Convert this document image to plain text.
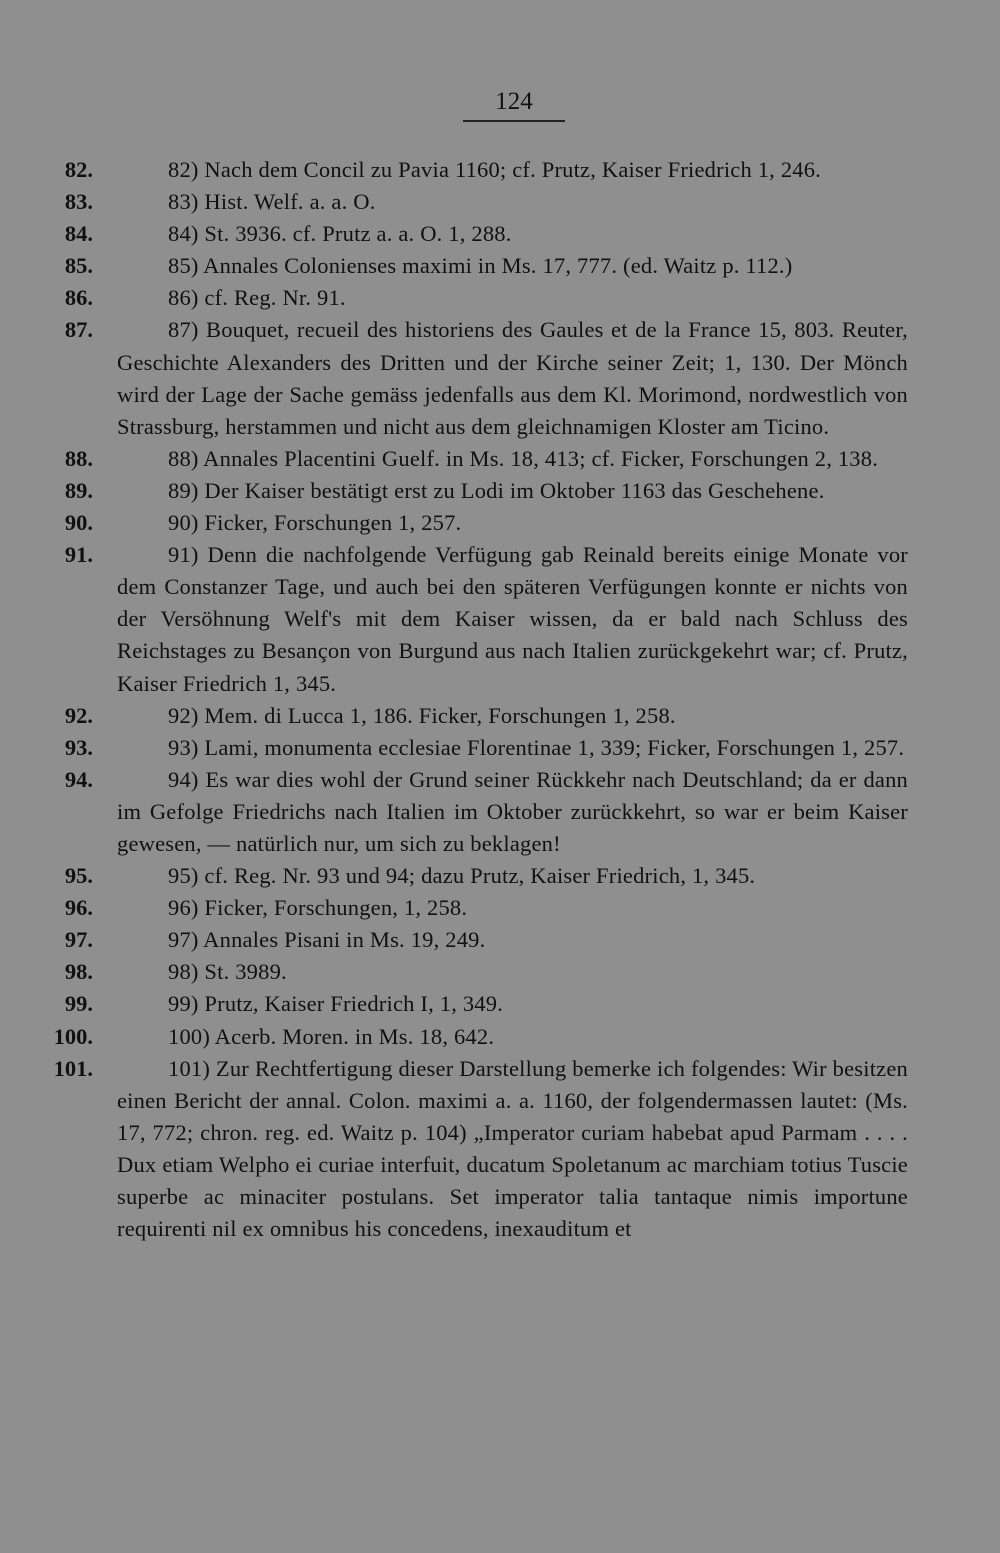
124
82.	82) Nach dem Concil zu Pavia 1160; cf. Prutz, Kaiser Friedrich 1, 246.
83.	83) Hist. Welf. a. a. O.
84.	84) St. 3936. cf. Prutz a. a. O. 1, 288.
85.	85) Annales Colonienses maximi in Ms. 17, 777. (ed. Waitz p. 112.)
86.	86) cf. Reg. Nr. 91.
87.	87) Bouquet, recueil des historiens des Gaules et de la France 15, 803. Reuter, Geschichte Alexanders des Dritten und der Kirche seiner Zeit; 1, 130. Der Mönch wird der Lage der Sache gemäss jedenfalls aus dem Kl. Morimond, nordwestlich von Strassburg, herstammen und nicht aus dem gleichnamigen Kloster am Ticino.
88.	88) Annales Placentini Guelf. in Ms. 18, 413; cf. Ficker, Forschungen 2, 138.
89.	89) Der Kaiser bestätigt erst zu Lodi im Oktober 1163 das Geschehene.
90.	90) Ficker, Forschungen 1, 257.
91.	91) Denn die nachfolgende Verfügung gab Reinald bereits einige Monate vor dem Constanzer Tage, und auch bei den späteren Verfügungen konnte er nichts von der Versöhnung Welf's mit dem Kaiser wissen, da er bald nach Schluss des Reichstages zu Besançon von Burgund aus nach Italien zurückgekehrt war; cf. Prutz, Kaiser Friedrich 1, 345.
92.	92) Mem. di Lucca 1, 186. Ficker, Forschungen 1, 258.
93.	93) Lami, monumenta ecclesiae Florentinae 1, 339; Ficker, Forschungen 1, 257.
94.	94) Es war dies wohl der Grund seiner Rückkehr nach Deutschland; da er dann im Gefolge Friedrichs nach Italien im Oktober zurückkehrt, so war er beim Kaiser gewesen, — natürlich nur, um sich zu beklagen!
95.	95) cf. Reg. Nr. 93 und 94; dazu Prutz, Kaiser Friedrich, 1, 345.
96.	96) Ficker, Forschungen, 1, 258.
97.	97) Annales Pisani in Ms. 19, 249.
98.	98) St. 3989.
99.	99) Prutz, Kaiser Friedrich I, 1, 349.
100.	100) Acerb. Moren. in Ms. 18, 642.
101.	101) Zur Rechtfertigung dieser Darstellung bemerke ich folgendes: Wir besitzen einen Bericht der annal. Colon. maximi a. a. 1160, der folgendermassen lautet: (Ms. 17, 772; chron. reg. ed. Waitz p. 104) „Imperator curiam habebat apud Parmam . . . . Dux etiam Welpho ei curiae interfuit, ducatum Spoletanum ac marchiam totius Tuscie superbe ac minaciter postulans. Set imperator talia tantaque nimis importune requirenti nil ex omnibus his concedens, inexauditum et
